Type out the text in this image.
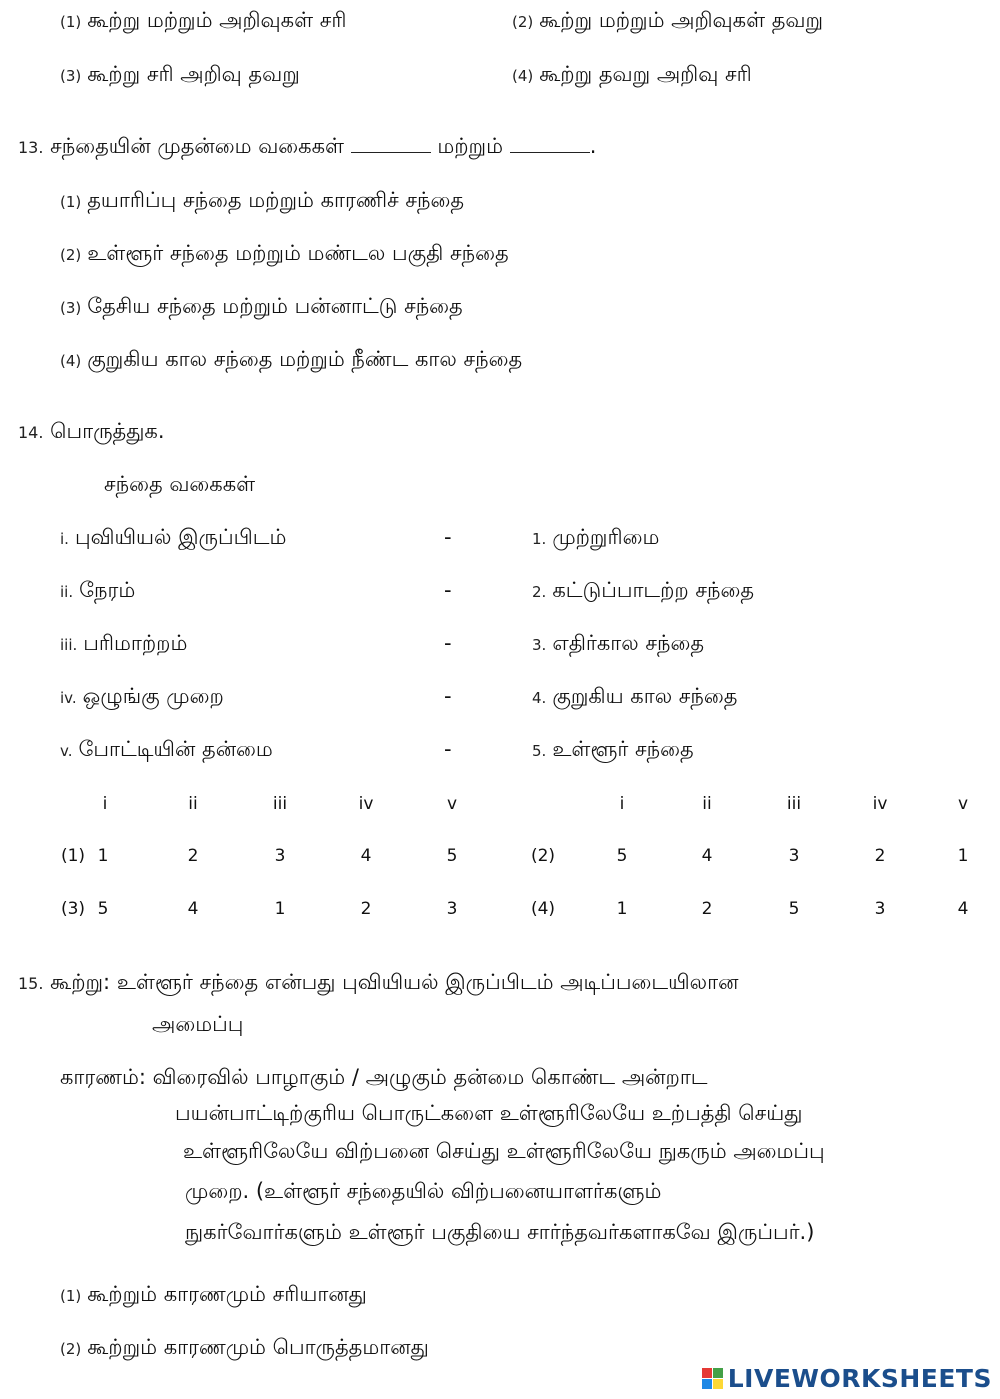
(1) கூற்று மற்றும் அறிவுகள் சரி	(2) கூற்று மற்றும் அறிவுகள் தவறு
(3) கூற்று சரி அறிவு தவறு	(4) கூற்று தவறு அறிவு சரி
13. சந்தையின் முதன்மை வகைகள்	மற்றும்	.
(1) தயாரிப்பு சந்தை மற்றும் காரணிச் சந்தை
(2) உள்ளூர் சந்தை மற்றும் மண்டல பகுதி சந்தை
(3) தேசிய சந்தை மற்றும் பன்னாட்டு சந்தை
(4) குறுகிய கால சந்தை மற்றும் நீண்ட கால சந்தை
14. பொருத்துக.
சந்தை வகைகள்
i. புவியியல் இருப்பிடம்	-	1. முற்றுரிமை
ii. நேரம்	-	2. கட்டுப்பாடற்ற சந்தை
iii. பரிமாற்றம்	-	3. எதிர்கால சந்தை
iv. ஒழுங்கு முறை	-	4. குறுகிய கால சந்தை
v. போட்டியின் தன்மை	-	5. உள்ளூர் சந்தை
i	ii	iii	iv	v	i	ii	iii	iv	v
(1) 1	2	3	4	5	(2)	5	4	3	2	1
(3) 5	4	1	2	3	(4)	1	2	5	3	4
15. கூற்று: உள்ளூர் சந்தை என்பது புவியியல் இருப்பிடம் அடிப்படையிலான
அமைப்பு
காரணம்: விரைவில் பாழாகும் / அழுகும் தன்மை கொண்ட அன்றாட
பயன்பாட்டிற்குரிய பொருட்களை உள்ளூரிலேயே உற்பத்தி செய்து
உள்ளூரிலேயே விற்பனை செய்து உள்ளூரிலேயே நுகரும் அமைப்பு
முறை. (உள்ளூர் சந்தையில் விற்பனையாளர்களும்
நுகர்வோர்களும் உள்ளூர் பகுதியை சார்ந்தவர்களாகவே இருப்பர்.)
(1) கூற்றும் காரணமும் சரியானது
(2) கூற்றும் காரணமும் பொருத்தமானது
LIVEWORKSHEETS
